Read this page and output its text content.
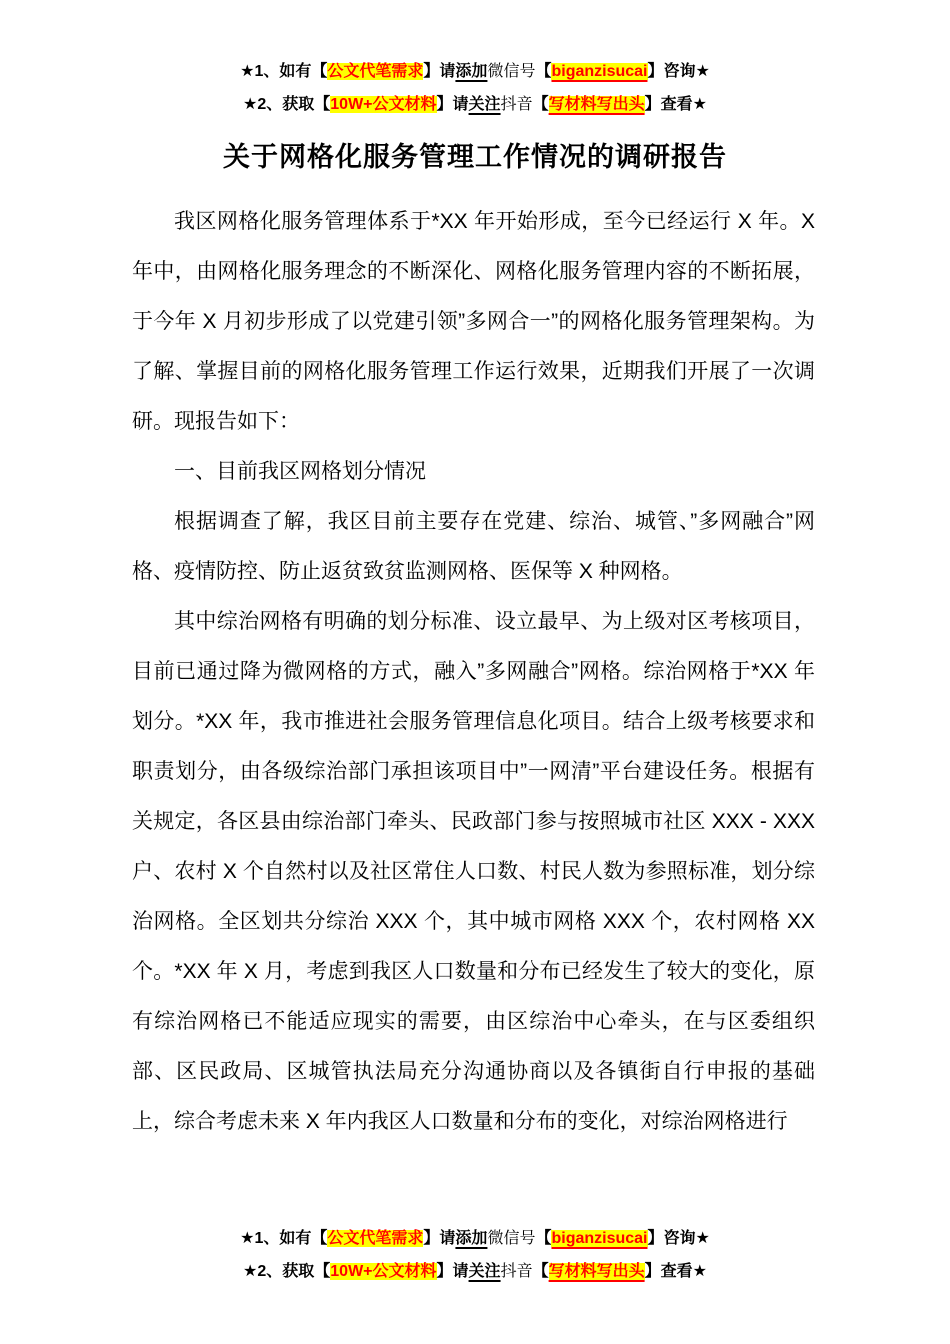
★1、如有【公文代笔需求】请添加微信号【biganzisucai】咨询★
★2、获取【10W+公文材料】请关注抖音【写材料写出头】查看★
关于网格化服务管理工作情况的调研报告

我区网格化服务管理体系于*XX 年开始形成，至今已经运行 X 年。X 年中，由网格化服务理念的不断深化、网格化服务管理内容的不断拓展，于今年 X 月初步形成了以党建引领”多网合一”的网格化服务管理架构。为了解、掌握目前的网格化服务管理工作运行效果，近期我们开展了一次调研。现报告如下：

一、目前我区网格划分情况

根据调查了解，我区目前主要存在党建、综治、城管、”多网融合”网格、疫情防控、防止返贫致贫监测网格、医保等 X 种网格。

其中综治网格有明确的划分标准、设立最早、为上级对区考核项目，目前已通过降为微网格的方式，融入”多网融合”网格。综治网格于*XX 年划分。*XX 年，我市推进社会服务管理信息化项目。结合上级考核要求和职责划分，由各级综治部门承担该项目中”一网清”平台建设任务。根据有关规定，各区县由综治部门牵头、民政部门参与按照城市社区 XXX - XXX 户、农村 X 个自然村以及社区常住人口数、村民人数为参照标准，划分综治网格。全区划共分综治 XXX 个，其中城市网格 XXX 个，农村网格 XX 个。*XX 年 X 月，考虑到我区人口数量和分布已经发生了较大的变化，原有综治网格已不能适应现实的需要，由区综治中心牵头，在与区委组织部、区民政局、区城管执法局充分沟通协商以及各镇街自行申报的基础上，综合考虑未来 X 年内我区人口数量和分布的变化，对综治网格进行

★1、如有【公文代笔需求】请添加微信号【biganzisucai】咨询★
★2、获取【10W+公文材料】请关注抖音【写材料写出头】查看★
